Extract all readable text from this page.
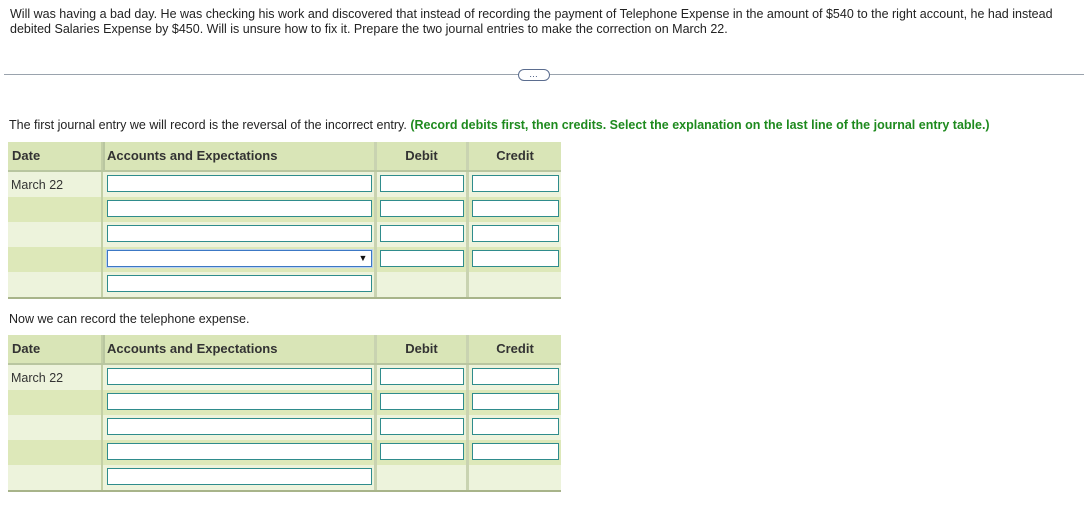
Will was having a bad day. He was checking his work and discovered that instead of recording the payment of Telephone Expense in the amount of $540 to the right account, he had instead debited Salaries Expense by $450. Will is unsure how to fix it. Prepare the two journal entries to make the correction on March 22.
…
The first journal entry we will record is the reversal of the incorrect entry. (Record debits first, then credits. Select the explanation on the last line of the journal entry table.)
Date	Accounts and Expectations	Debit	Credit
March 22
▼
Now we can record the telephone expense.
Date	Accounts and Expectations	Debit	Credit
March 22
